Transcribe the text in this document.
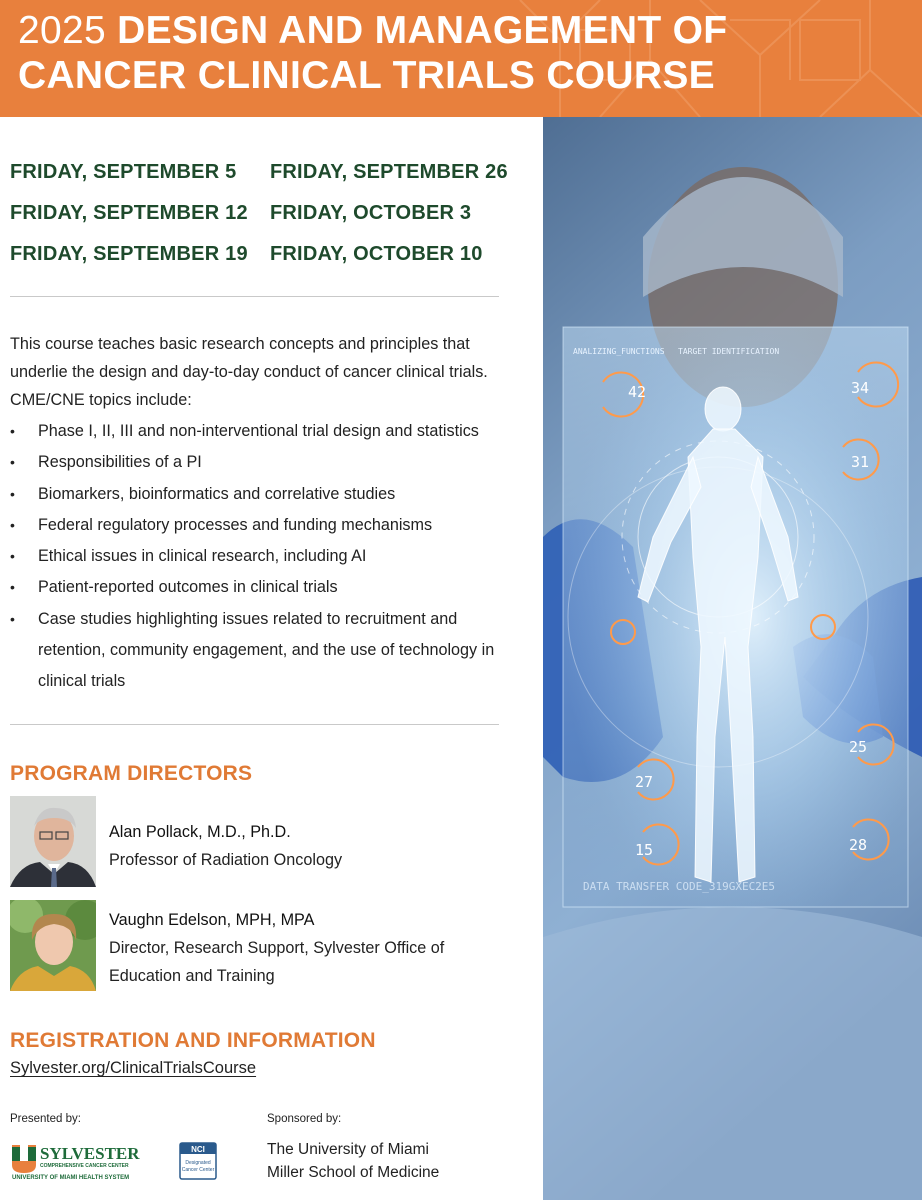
2025 DESIGN AND MANAGEMENT OF
CANCER CLINICAL TRIALS COURSE
TARGET IDENTIFICATION
ANALIZING_FUNCTIONS
DATA TRANSFER CODE_319GXEC2E5
42	34
31
25
27
15	28
FRIDAY, SEPTEMBER 5	FRIDAY, SEPTEMBER 26
FRIDAY, SEPTEMBER 12	FRIDAY, OCTOBER 3
FRIDAY, SEPTEMBER 19	FRIDAY, OCTOBER 10

This course teaches basic research concepts and principles that underlie the design and day-to-day conduct of cancer clinical trials. CME/CNE topics include:

• Phase I, II, III and non-interventional trial design and statistics
• Responsibilities of a PI
• Biomarkers, bioinformatics and correlative studies
• Federal regulatory processes and funding mechanisms
• Ethical issues in clinical research, including AI
• Patient-reported outcomes in clinical trials
• Case studies highlighting issues related to recruitment and retention, community engagement, and the use of technology in clinical trials
PROGRAM DIRECTORS
Alan Pollack, M.D., Ph.D.
Professor of Radiation Oncology
Vaughn Edelson, MPH, MPA
Director, Research Support, Sylvester Office of Education and Training
REGISTRATION AND INFORMATION
Sylvester.org/ClinicalTrialsCourse
Presented by:	Sponsored by:
SYLVESTER
COMPREHENSIVE CANCER CENTER
UNIVERSITY OF MIAMI HEALTH SYSTEM
NCI
Designated
Cancer Center
The University of Miami
Miller School of Medicine
